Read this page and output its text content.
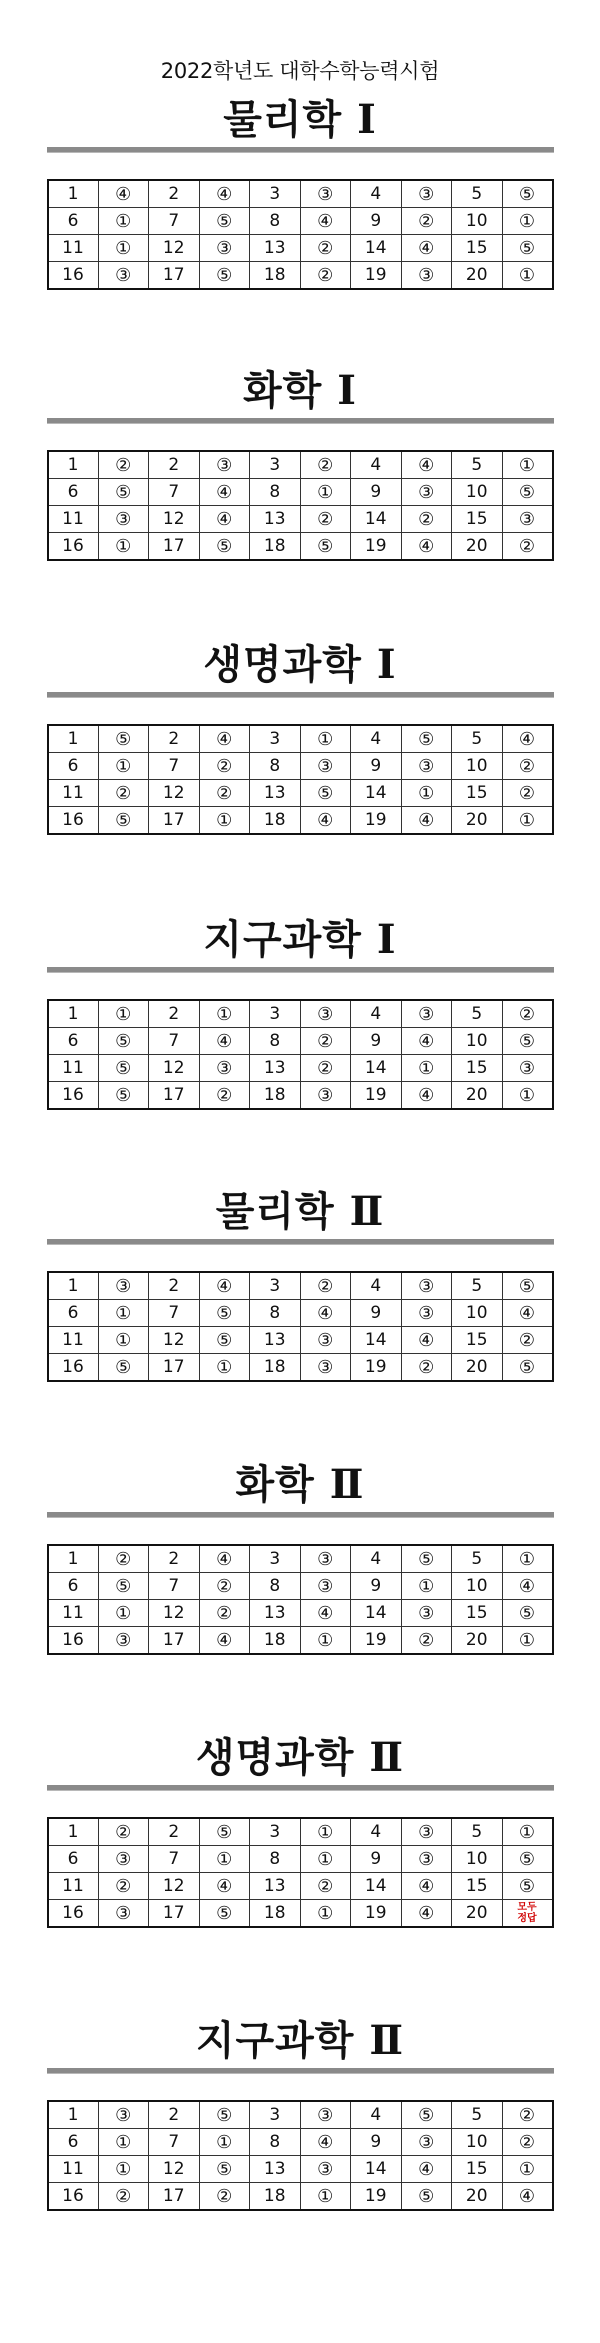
2022학년도 대학수학능력시험
물리학 Ⅰ
1	④	2	④	3	③	4	③	5	⑤
6	①	7	⑤	8	④	9	②	10	①
11	①	12	③	13	②	14	④	15	⑤
16	③	17	⑤	18	②	19	③	20	①
화학 Ⅰ
1	②	2	③	3	②	4	④	5	①
6	⑤	7	④	8	①	9	③	10	⑤
11	③	12	④	13	②	14	②	15	③
16	①	17	⑤	18	⑤	19	④	20	②
생명과학 Ⅰ
1	⑤	2	④	3	①	4	⑤	5	④
6	①	7	②	8	③	9	③	10	②
11	②	12	②	13	⑤	14	①	15	②
16	⑤	17	①	18	④	19	④	20	①
지구과학 Ⅰ
1	①	2	①	3	③	4	③	5	②
6	⑤	7	④	8	②	9	④	10	⑤
11	⑤	12	③	13	②	14	①	15	③
16	⑤	17	②	18	③	19	④	20	①
물리학 Ⅱ
1	③	2	④	3	②	4	③	5	⑤
6	①	7	⑤	8	④	9	③	10	④
11	①	12	⑤	13	③	14	④	15	②
16	⑤	17	①	18	③	19	②	20	⑤
화학 Ⅱ
1	②	2	④	3	③	4	⑤	5	①
6	⑤	7	②	8	③	9	①	10	④
11	①	12	②	13	④	14	③	15	⑤
16	③	17	④	18	①	19	②	20	①
생명과학 Ⅱ
1	②	2	⑤	3	①	4	③	5	①
6	③	7	①	8	①	9	③	10	⑤
11	②	12	④	13	②	14	④	15	⑤
16	③	17	⑤	18	①	19	④	20	모두
정답
지구과학 Ⅱ
1	③	2	⑤	3	③	4	⑤	5	②
6	①	7	①	8	④	9	③	10	②
11	①	12	⑤	13	③	14	④	15	①
16	②	17	②	18	①	19	⑤	20	④
